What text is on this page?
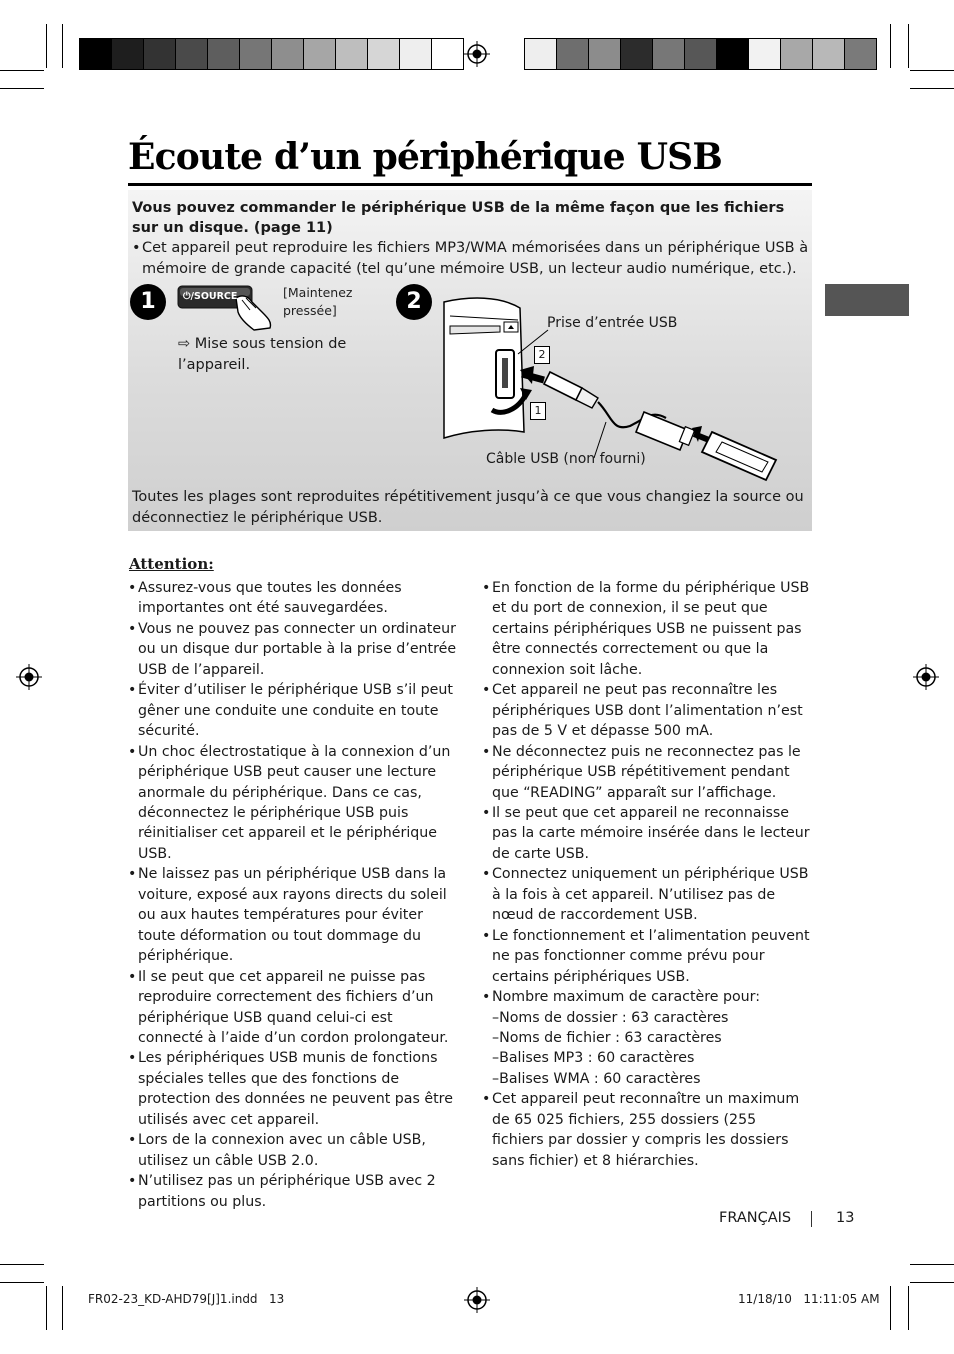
Écoute d’un périphérique USB
Vous pouvez commander le périphérique USB de la même façon que les fichiers sur un disque. (page 11)
• Cet appareil peut reproduire les fichiers MP3/WMA mémorisées dans un périphérique USB à mémoire de grande capacité (tel qu’une mémoire USB, un lecteur audio numérique, etc.).
1	⏻/SOURCE	[Maintenez
pressée]
⇨ Mise sous tension de
l’appareil.
2
Prise d’entrée USB
Câble USB (non fourni)
2
1
Toutes les plages sont reproduites répétitivement jusqu’à ce que vous changiez la source ou déconnectiez le périphérique USB.
Attention:
• Assurez-vous que toutes les données importantes ont été sauvegardées.
• Vous ne pouvez pas connecter un ordinateur ou un disque dur portable à la prise d’entrée USB de l’appareil.
• Éviter d’utiliser le périphérique USB s’il peut gêner une conduite une conduite en toute sécurité.
• Un choc électrostatique à la connexion d’un périphérique USB peut causer une lecture anormale du périphérique. Dans ce cas, déconnectez le périphérique USB puis réinitialiser cet appareil et le périphérique USB.
• Ne laissez pas un périphérique USB dans la voiture, exposé aux rayons directs du soleil ou aux hautes températures pour éviter toute déformation ou tout dommage du périphérique.
• Il se peut que cet appareil ne puisse pas reproduire correctement des fichiers d’un périphérique USB quand celui-ci est connecté à l’aide d’un cordon prolongateur.
• Les périphériques USB munis de fonctions spéciales telles que des fonctions de protection des données ne peuvent pas être utilisés avec cet appareil.
• Lors de la connexion avec un câble USB, utilisez un câble USB 2.0.
• N’utilisez pas un périphérique USB avec 2 partitions ou plus.
• En fonction de la forme du périphérique USB et du port de connexion, il se peut que certains périphériques USB ne puissent pas être connectés correctement ou que la connexion soit lâche.
• Cet appareil ne peut pas reconnaître les périphériques USB dont l’alimentation n’est pas de 5 V et dépasse 500 mA.
• Ne déconnectez puis ne reconnectez pas le périphérique USB répétitivement pendant que “READING” apparaît sur l’affichage.
• Il se peut que cet appareil ne reconnaisse pas la carte mémoire insérée dans le lecteur de carte USB.
• Connectez uniquement un périphérique USB à la fois à cet appareil. N’utilisez pas de nœud de raccordement USB.
• Le fonctionnement et l’alimentation peuvent ne pas fonctionner comme prévu pour certains périphériques USB.
• Nombre maximum de caractère pour:
–Noms de dossier : 63 caractères
–Noms de fichier : 63 caractères
–Balises MP3 : 60 caractères
–Balises WMA : 60 caractères
• Cet appareil peut reconnaître un maximum de 65 025 fichiers, 255 dossiers (255 fichiers par dossier y compris les dossiers sans fichier) et 8 hiérarchies.
FRANÇAIS	13
FR02-23_KD-AHD79[J]1.indd   13	11/18/10   11:11:05 AM
